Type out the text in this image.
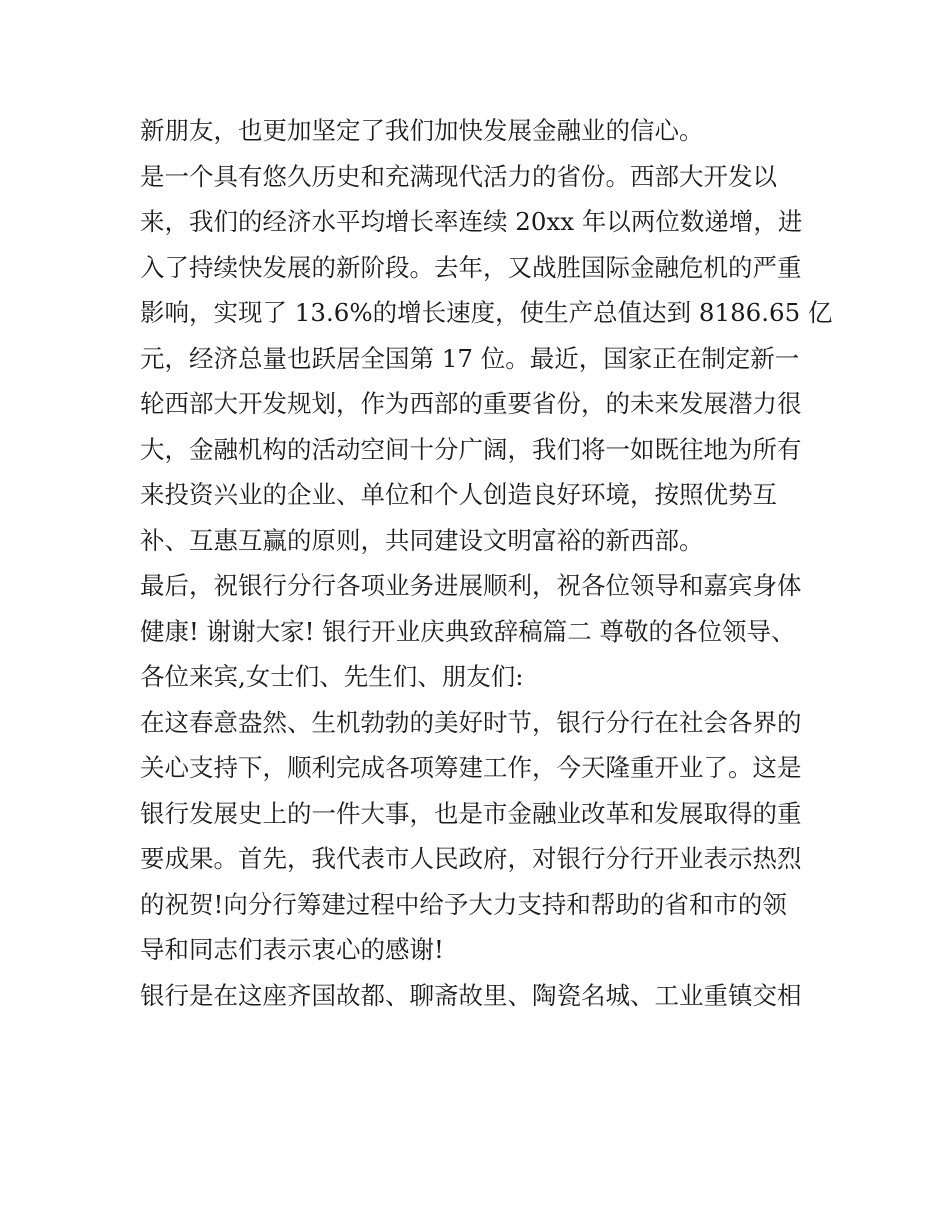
新朋友，也更加坚定了我们加快发展金融业的信心。
是一个具有悠久历史和充满现代活力的省份。西部大开发以
来，我们的经济水平均增长率连续 20xx 年以两位数递增，进
入了持续快发展的新阶段。去年，又战胜国际金融危机的严重
影响，实现了 13.6%的增长速度，使生产总值达到 8186.65 亿
元，经济总量也跃居全国第 17 位。最近，国家正在制定新一
轮西部大开发规划，作为西部的重要省份，的未来发展潜力很
大，金融机构的活动空间十分广阔，我们将一如既往地为所有
来投资兴业的企业、单位和个人创造良好环境，按照优势互
补、互惠互赢的原则，共同建设文明富裕的新西部。
最后，祝银行分行各项业务进展顺利，祝各位领导和嘉宾身体
健康! 谢谢大家! 银行开业庆典致辞稿篇二 尊敬的各位领导、
各位来宾,女士们、先生们、朋友们:
在这春意盎然、生机勃勃的美好时节，银行分行在社会各界的
关心支持下，顺利完成各项筹建工作，今天隆重开业了。这是
银行发展史上的一件大事，也是市金融业改革和发展取得的重
要成果。首先，我代表市人民政府，对银行分行开业表示热烈
的祝贺!向分行筹建过程中给予大力支持和帮助的省和市的领
导和同志们表示衷心的感谢!
银行是在这座齐国故都、聊斋故里、陶瓷名城、工业重镇交相
